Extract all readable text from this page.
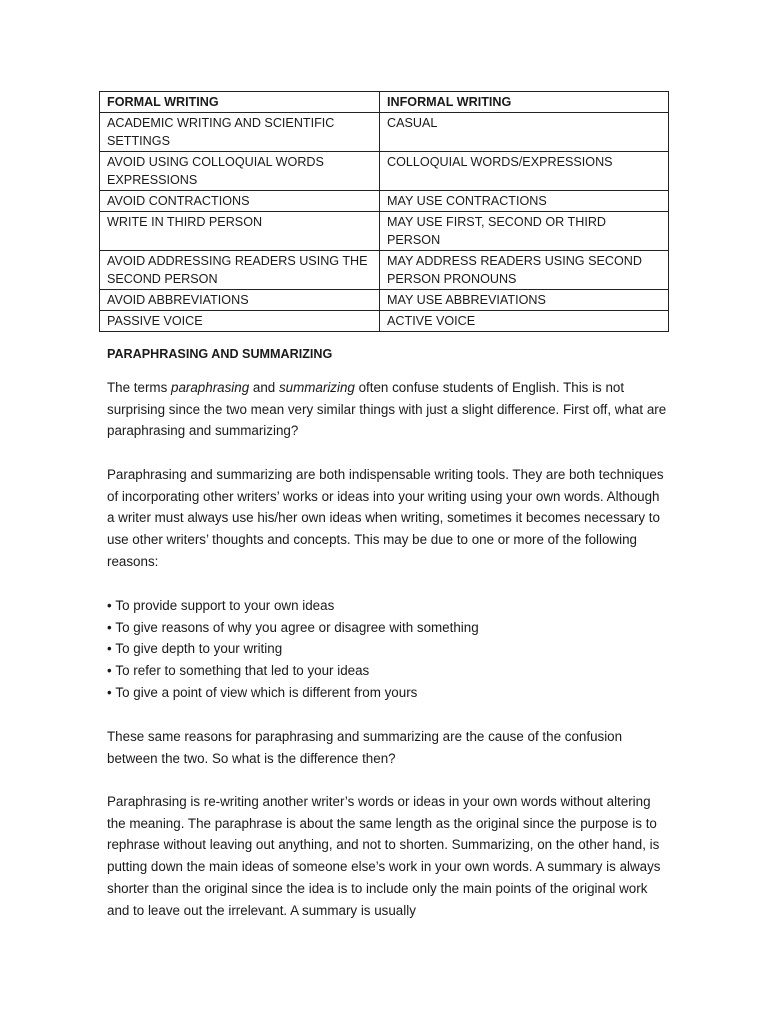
FORMAL WRITING	INFORMAL WRITING
ACADEMIC WRITING AND SCIENTIFIC SETTINGS	CASUAL
AVOID USING COLLOQUIAL WORDS EXPRESSIONS	COLLOQUIAL WORDS/EXPRESSIONS
AVOID CONTRACTIONS	MAY USE CONTRACTIONS
WRITE IN THIRD PERSON	MAY USE FIRST, SECOND OR THIRD PERSON
AVOID ADDRESSING READERS USING THE SECOND PERSON	MAY ADDRESS READERS USING SECOND PERSON PRONOUNS
AVOID ABBREVIATIONS	MAY USE ABBREVIATIONS
PASSIVE VOICE	ACTIVE VOICE
PARAPHRASING AND SUMMARIZING

The terms paraphrasing and summarizing often confuse students of English. This is not surprising since the two mean very similar things with just a slight difference. First off, what are paraphrasing and summarizing?

Paraphrasing and summarizing are both indispensable writing tools. They are both techniques of incorporating other writers’ works or ideas into your writing using your own words. Although a writer must always use his/her own ideas when writing, sometimes it becomes necessary to use other writers’ thoughts and concepts. This may be due to one or more of the following reasons:

• To provide support to your own ideas
• To give reasons of why you agree or disagree with something
• To give depth to your writing
• To refer to something that led to your ideas
• To give a point of view which is different from yours

These same reasons for paraphrasing and summarizing are the cause of the confusion between the two. So what is the difference then?

Paraphrasing is re-writing another writer’s words or ideas in your own words without altering the meaning. The paraphrase is about the same length as the original since the purpose is to rephrase without leaving out anything, and not to shorten. Summarizing, on the other hand, is putting down the main ideas of someone else’s work in your own words. A summary is always shorter than the original since the idea is to include only the main points of the original work and to leave out the irrelevant. A summary is usually
